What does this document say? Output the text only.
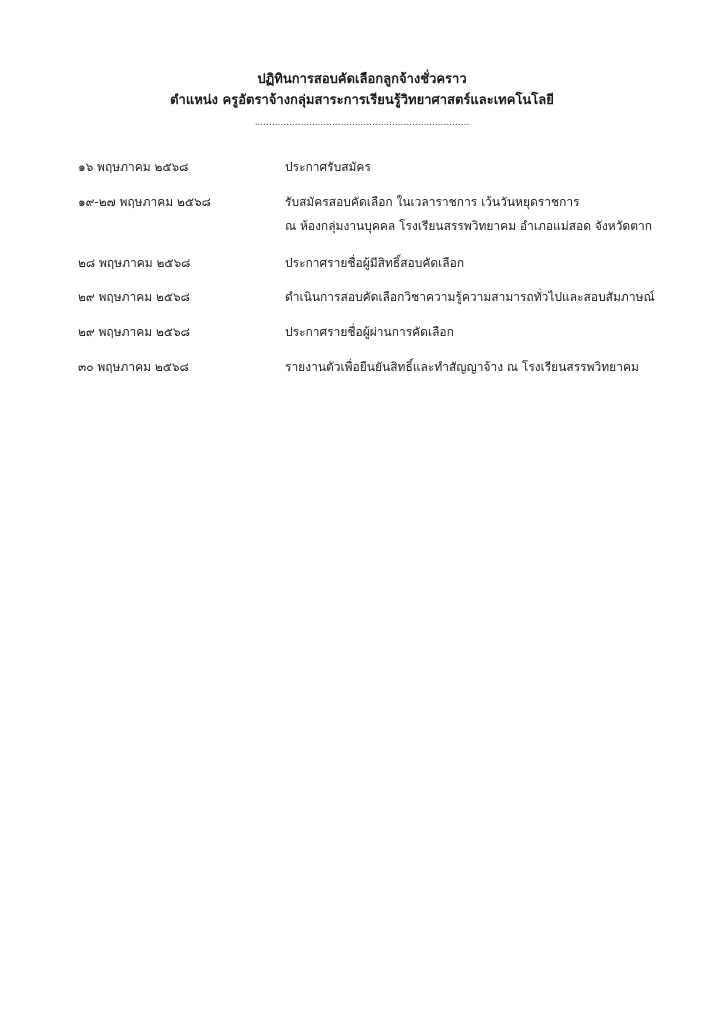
ปฏิทินการสอบคัดเลือกลูกจ้างชั่วคราว
ตำแหน่ง ครูอัตราจ้างกลุ่มสาระการเรียนรู้วิทยาศาสตร์และเทคโนโลยี
...........................................................................
๑๖ พฤษภาคม ๒๕๖๘	ประกาศรับสมัคร
๑๙-๒๗ พฤษภาคม ๒๕๖๘	รับสมัครสอบคัดเลือก ในเวลาราชการ เว้นวันหยุดราชการ
ณ ห้องกลุ่มงานบุคคล โรงเรียนสรรพวิทยาคม อำเภอแม่สอด จังหวัดตาก
๒๘ พฤษภาคม ๒๕๖๘	ประกาศรายชื่อผู้มีสิทธิ์สอบคัดเลือก
๒๙ พฤษภาคม ๒๕๖๘	ดำเนินการสอบคัดเลือกวิชาความรู้ความสามารถทั่วไปและสอบสัมภาษณ์
๒๙ พฤษภาคม ๒๕๖๘	ประกาศรายชื่อผู้ผ่านการคัดเลือก
๓๐ พฤษภาคม ๒๕๖๘	รายงานตัวเพื่อยืนยันสิทธิ์และทำสัญญาจ้าง ณ โรงเรียนสรรพวิทยาคม
